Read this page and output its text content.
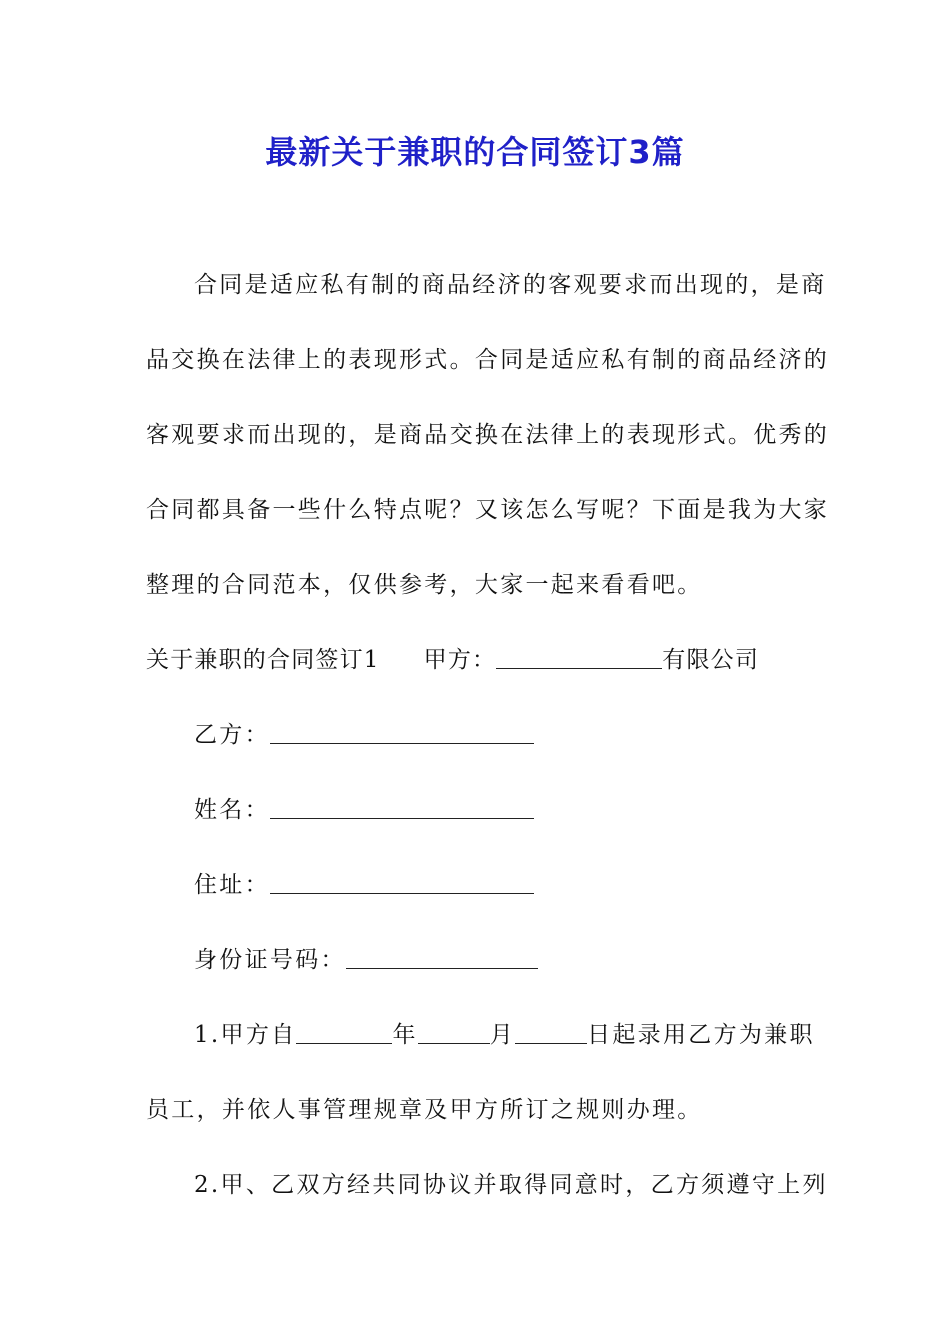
最新关于兼职的合同签订3篇
合同是适应私有制的商品经济的客观要求而出现的，是商
品交换在法律上的表现形式。合同是适应私有制的商品经济的
客观要求而出现的，是商品交换在法律上的表现形式。优秀的
合同都具备一些什么特点呢？又该怎么写呢？下面是我为大家
整理的合同范本，仅供参考，大家一起来看看吧。
关于兼职的合同签订1 甲方：	有限公司
乙方：
姓名：
住址：
身份证号码：
1.甲方自	年	月	日起录用乙方为兼职
员工，并依人事管理规章及甲方所订之规则办理。
2.甲、乙双方经共同协议并取得同意时，乙方须遵守上列
